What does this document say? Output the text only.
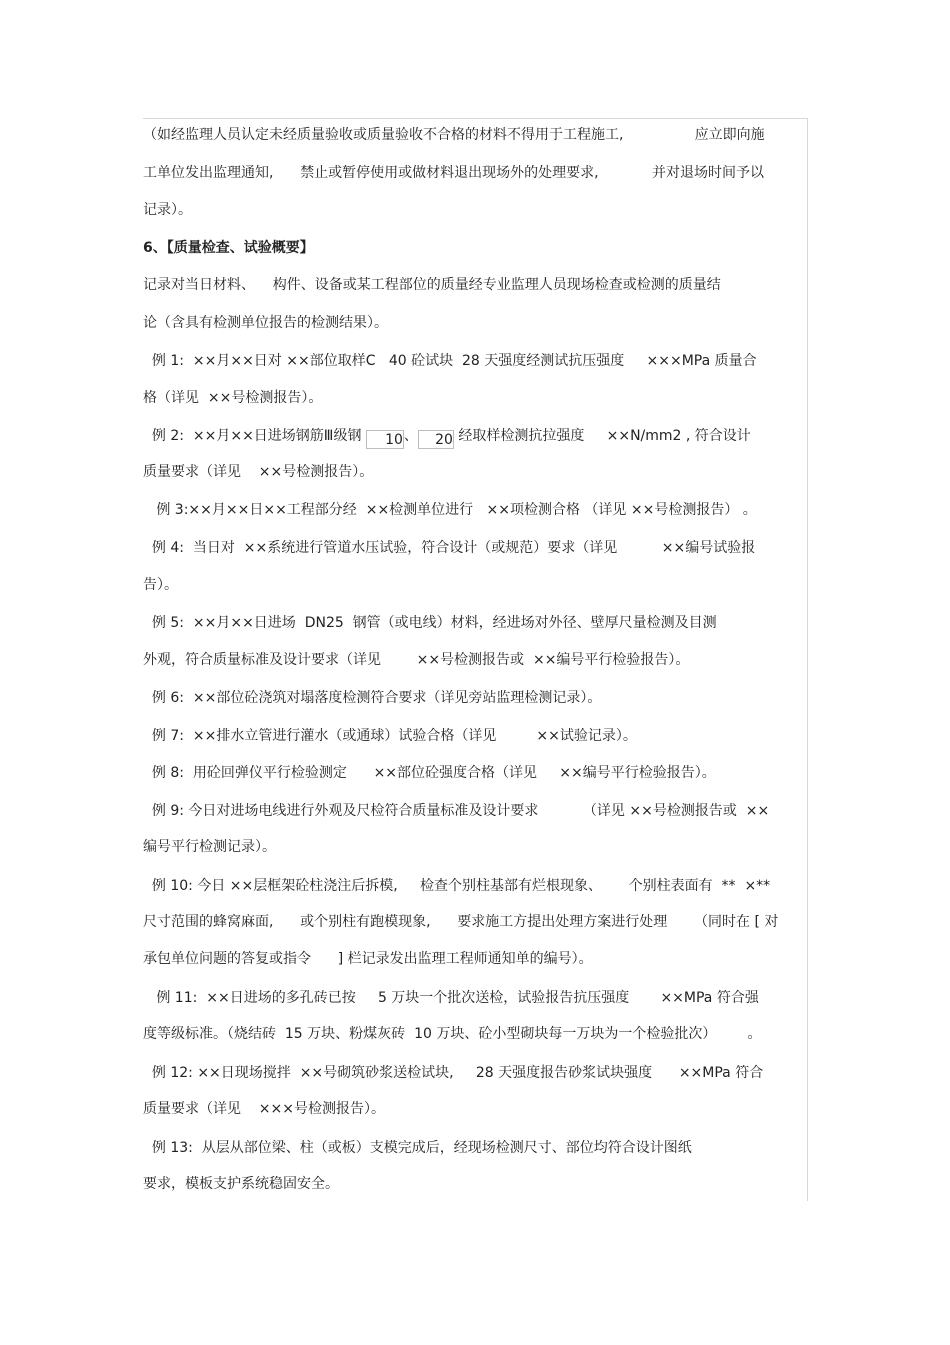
（如经监理人员认定未经质量验收或质量验收不合格的材料不得用于工程施工,                应立即向施
工单位发出监理通知,      禁止或暂停使用或做材料退出现场外的处理要求,            并对退场时间予以
记录）。
6、【质量检查、试验概要】
记录对当日材料、    构件、设备或某工程部位的质量经专业监理人员现场检查或检测的质量结
论（含具有检测单位报告的检测结果）。
例 1:  ××月××日对 ××部位取样C   40 砼试块  28 天强度经测试抗压强度     ×××MPa 质量合
格（详见  ××号检测报告）。
例 2:  ××月××日进场钢筋Ⅲ级钢 10、 20 经取样检测抗拉强度     ××N/mm2 , 符合设计
质量要求（详见    ××号检测报告）。
例 3:××月××日××工程部分经  ××检测单位进行   ××项检测合格 （详见 ××号检测报告） 。
例 4:  当日对  ××系统进行管道水压试验，符合设计（或规范）要求（详见          ××编号试验报
告）。
例 5:  ××月××日进场  DN25  钢管（或电线）材料，经进场对外径、壁厚尺量检测及目测
外观，符合质量标准及设计要求（详见        ××号检测报告或  ××编号平行检验报告）。
例 6:  ××部位砼浇筑对塌落度检测符合要求（详见旁站监理检测记录）。
例 7:  ××排水立管进行灌水（或通球）试验合格（详见         ××试验记录）。
例 8:  用砼回弹仪平行检验测定      ××部位砼强度合格（详见     ××编号平行检验报告）。
例 9: 今日对进场电线进行外观及尺检符合质量标准及设计要求          （详见 ××号检测报告或  ××
编号平行检测记录）。
例 10: 今日 ××层框架砼柱浇注后拆模,     检查个别柱基部有烂根现象、      个别柱表面有  **  ×**
尺寸范围的蜂窝麻面,      或个别柱有跑模现象,      要求施工方提出处理方案进行处理      （同时在 [ 对
承包单位问题的答复或指令      ] 栏记录发出监理工程师通知单的编号）。
例 11:  ××日进场的多孔砖已按     5 万块一个批次送检，试验报告抗压强度       ××MPa 符合强
度等级标准。（烧结砖  15 万块、粉煤灰砖  10 万块、砼小型砌块每一万块为一个检验批次）       。
例 12: ××日现场搅拌  ××号砌筑砂浆送检试块,     28 天强度报告砂浆试块强度      ××MPa 符合
质量要求（详见    ×××号检测报告）。
例 13:  从层从部位梁、柱（或板）支模完成后，经现场检测尺寸、部位均符合设计图纸
要求，模板支护系统稳固安全。
